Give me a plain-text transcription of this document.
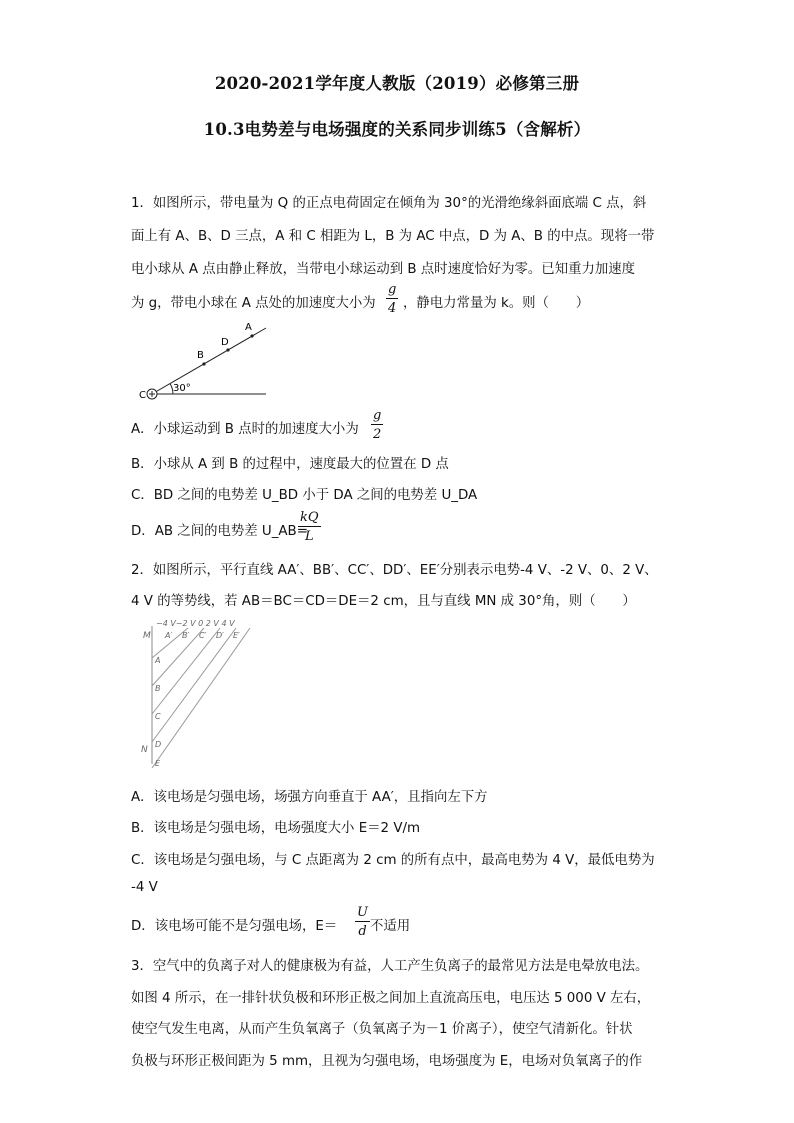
2020-2021学年度人教版（2019）必修第三册
10.3电势差与电场强度的关系同步训练5（含解析）
1．如图所示，带电量为 Q 的正点电荷固定在倾角为 30°的光滑绝缘斜面底端 C 点，斜
面上有 A、B、D 三点，A 和 C 相距为 L，B 为 AC 中点，D 为 A、B 的中点。现将一带
电小球从 A 点由静止释放，当带电小球运动到 B 点时速度恰好为零。已知重力加速度
为 g，带电小球在 A 点处的加速度大小为
g
4 ，静电力常量为 k。则（　　）
A
D
B
C
30°
A．小球运动到 B 点时的加速度大小为
g
2
B．小球从 A 到 B 的过程中，速度最大的位置在 D 点
C．BD 之间的电势差 U_BD 小于 DA 之间的电势差 U_DA
D．AB 之间的电势差 U_AB=
kQ
L
2．如图所示，平行直线 AA′、BB′、CC′、DD′、EE′分别表示电势-4 V、-2 V、0、2 V、
4 V 的等势线，若 AB＝BC＝CD＝DE＝2 cm，且与直线 MN 成 30°角，则（　　）
−4 V−2 V 0 2 V 4 V
A′ B′ C′ D′ E′
M
N
A
B
C
D
E
A．该电场是匀强电场，场强方向垂直于 AA′，且指向左下方
B．该电场是匀强电场，电场强度大小 E＝2 V/m
C．该电场是匀强电场，与 C 点距离为 2 cm 的所有点中，最高电势为 4 V，最低电势为
-4 V
D．该电场可能不是匀强电场，E＝
U
d 不适用
3．空气中的负离子对人的健康极为有益，人工产生负离子的最常见方法是电晕放电法。
如图 4 所示，在一排针状负极和环形正极之间加上直流高压电，电压达 5 000 V 左右，
使空气发生电离，从而产生负氧离子（负氧离子为－1 价离子），使空气清新化。针状
负极与环形正极间距为 5 mm，且视为匀强电场，电场强度为 E，电场对负氧离子的作
